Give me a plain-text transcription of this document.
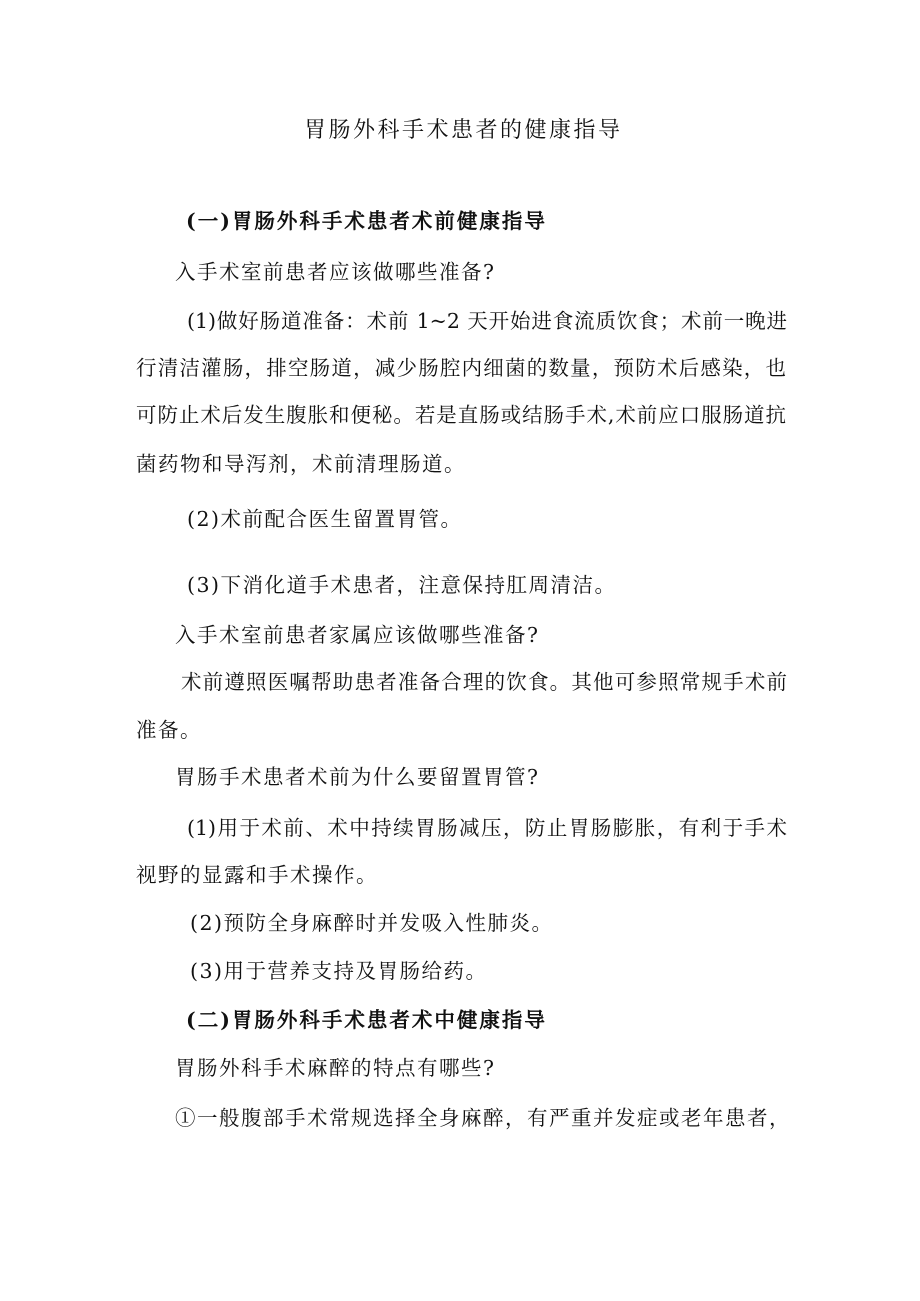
胃肠外科手术患者的健康指导

(一)胃肠外科手术患者术前健康指导

入手术室前患者应该做哪些准备?

(1)做好肠道准备：术前 1~2 天开始进食流质饮食；术前一晚进

行清洁灌肠，排空肠道，减少肠腔内细菌的数量，预防术后感染，也

可防止术后发生腹胀和便秘。若是直肠或结肠手术,术前应口服肠道抗

菌药物和导泻剂，术前清理肠道。

(2)术前配合医生留置胃管。

(3)下消化道手术患者，注意保持肛周清洁。

入手术室前患者家属应该做哪些准备?

术前遵照医嘱帮助患者准备合理的饮食。其他可参照常规手术前

准备。

胃肠手术患者术前为什么要留置胃管?

(1)用于术前、术中持续胃肠减压，防止胃肠膨胀，有利于手术

视野的显露和手术操作。

(2)预防全身麻醉时并发吸入性肺炎。

(3)用于营养支持及胃肠给药。

(二)胃肠外科手术患者术中健康指导

胃肠外科手术麻醉的特点有哪些?

①一般腹部手术常规选择全身麻醉，有严重并发症或老年患者，
